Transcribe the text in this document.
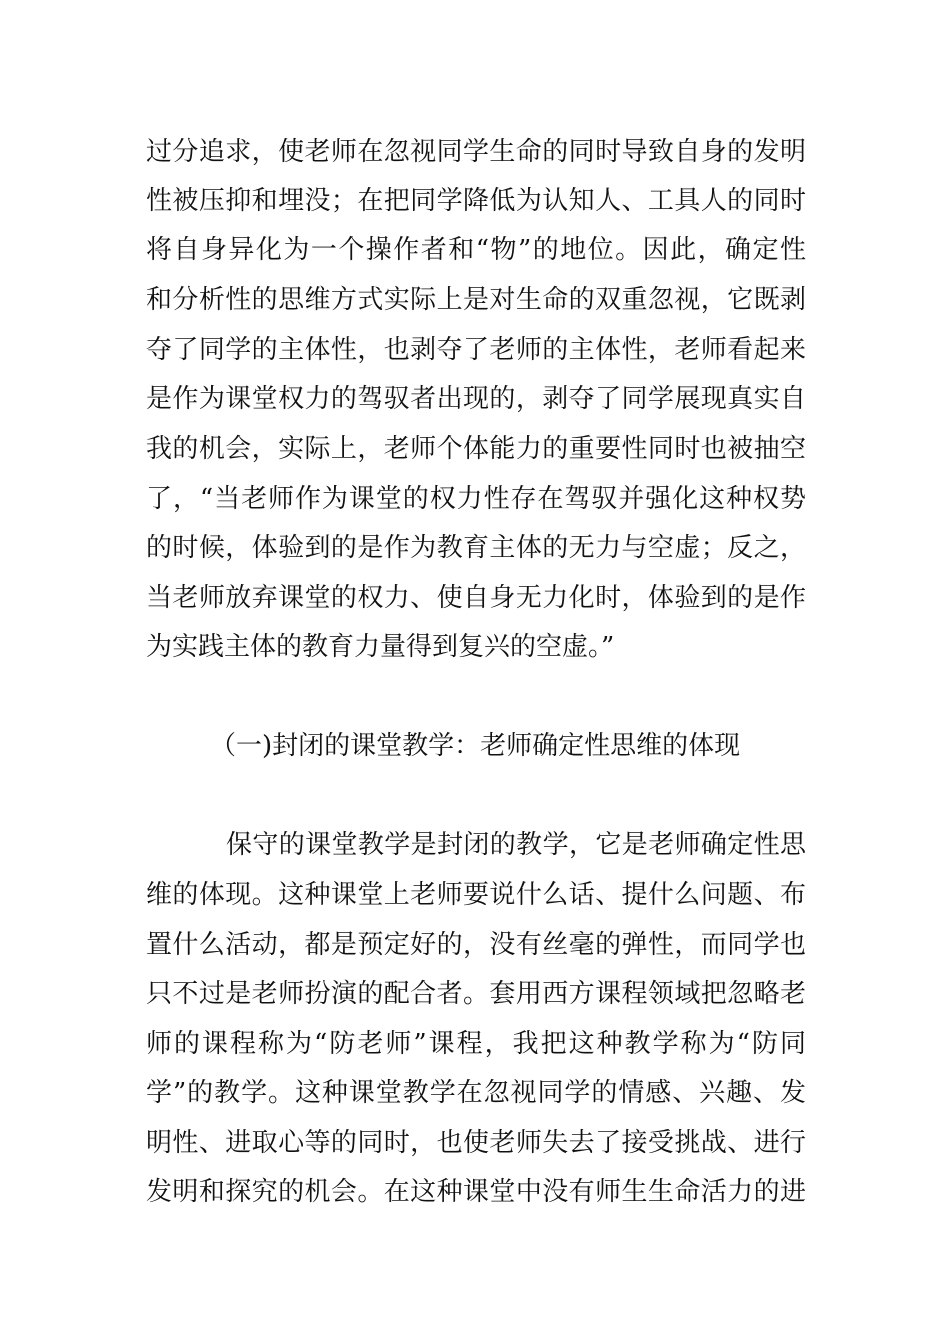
过分追求，使老师在忽视同学生命的同时导致自身的发明
性被压抑和埋没；在把同学降低为认知人、工具人的同时
将自身异化为一个操作者和“物”的地位。因此，确定性
和分析性的思维方式实际上是对生命的双重忽视，它既剥
夺了同学的主体性，也剥夺了老师的主体性，老师看起来
是作为课堂权力的驾驭者出现的，剥夺了同学展现真实自
我的机会，实际上，老师个体能力的重要性同时也被抽空
了，“当老师作为课堂的权力性存在驾驭并强化这种权势
的时候，体验到的是作为教育主体的无力与空虚；反之，
当老师放弃课堂的权力、使自身无力化时，体验到的是作
为实践主体的教育力量得到复兴的空虚。”
（一)封闭的课堂教学：老师确定性思维的体现
保守的课堂教学是封闭的教学，它是老师确定性思
维的体现。这种课堂上老师要说什么话、提什么问题、布
置什么活动，都是预定好的，没有丝毫的弹性，而同学也
只不过是老师扮演的配合者。套用西方课程领域把忽略老
师的课程称为“防老师”课程，我把这种教学称为“防同
学”的教学。这种课堂教学在忽视同学的情感、兴趣、发
明性、进取心等的同时，也使老师失去了接受挑战、进行
发明和探究的机会。在这种课堂中没有师生生命活力的进
